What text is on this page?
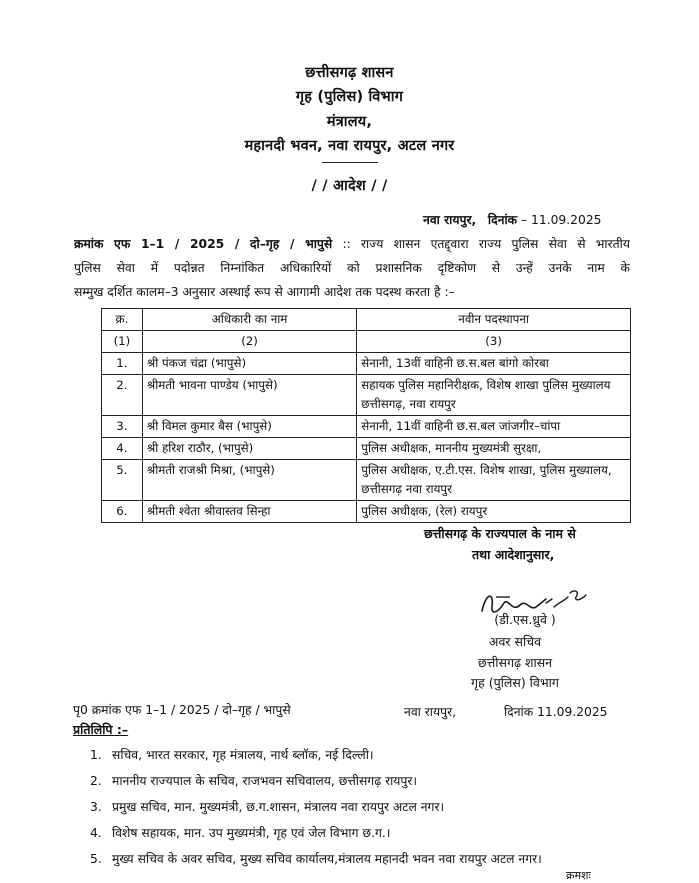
छत्तीसगढ़ शासन
गृह (पुलिस) विभाग
मंत्रालय,
महानदी भवन, नवा रायपुर, अटल नगर
/ / आदेश / /
नवा रायपुर, दिनांक – 11.09.2025
क्रमांक एफ 1–1 / 2025 / दो–गृह / भापुसे :: राज्य शासन एतद्द्वारा राज्य पुलिस सेवा से भारतीय
पुलिस सेवा में पदोन्नत निम्नांकित अधिकारियों को प्रशासनिक दृष्टिकोण से उन्हें उनके नाम के
सम्मुख दर्शित कालम–3 अनुसार अस्थाई रूप से आगामी आदेश तक पदस्थ करता है :–
क्र.	अधिकारी का नाम	नवीन पदस्थापना
(1)	(2)	(3)
1.	श्री पंकज चंद्रा (भापुसे)	सेनानी, 13वीं वाहिनी छ.स.बल बांगो कोरबा
2.	श्रीमती भावना पाण्डेय (भापुसे)	सहायक पुलिस महानिरीक्षक, विशेष शाखा पुलिस मुख्यालय छत्तीसगढ़, नवा रायपुर
3.	श्री विमल कुमार बैस (भापुसे)	सेनानी, 11वीं वाहिनी छ.स.बल जांजगीर–चांपा
4.	श्री हरिश राठौर, (भापुसे)	पुलिस अधीक्षक, माननीय मुख्यमंत्री सुरक्षा,
5.	श्रीमती राजश्री मिश्रा, (भापुसे)	पुलिस अधीक्षक, ए.टी.एस. विशेष शाखा, पुलिस मुख्यालय, छत्तीसगढ़ नवा रायपुर
6.	श्रीमती श्वेता श्रीवास्तव सिन्हा	पुलिस अधीक्षक, (रेल) रायपुर
छत्तीसगढ़ के राज्यपाल के नाम से
तथा आदेशानुसार,
(डी.एस.ध्रुवे )
अवर सचिव
छत्तीसगढ़ शासन
गृह (पुलिस) विभाग
पृ0 क्रमांक एफ 1–1 / 2025 / दो–गृह / भापुसे	नवा रायपुर,	दिनांक 11.09.2025
प्रतिलिपि :–
1. सचिव, भारत सरकार, गृह मंत्रालय, नार्थ ब्लॉक, नई दिल्ली।
2. माननीय राज्यपाल के सचिव, राजभवन सचिवालय, छत्तीसगढ़ रायपुर।
3. प्रमुख सचिव, मान. मुख्यमंत्री, छ.ग.शासन, मंत्रालय नवा रायपुर अटल नगर।
4. विशेष सहायक, मान. उप मुख्यमंत्री, गृह एवं जेल विभाग छ.ग.।
5. मुख्य सचिव के अवर सचिव, मुख्य सचिव कार्यालय,मंत्रालय महानदी भवन नवा रायपुर अटल नगर।
क्रमशः
